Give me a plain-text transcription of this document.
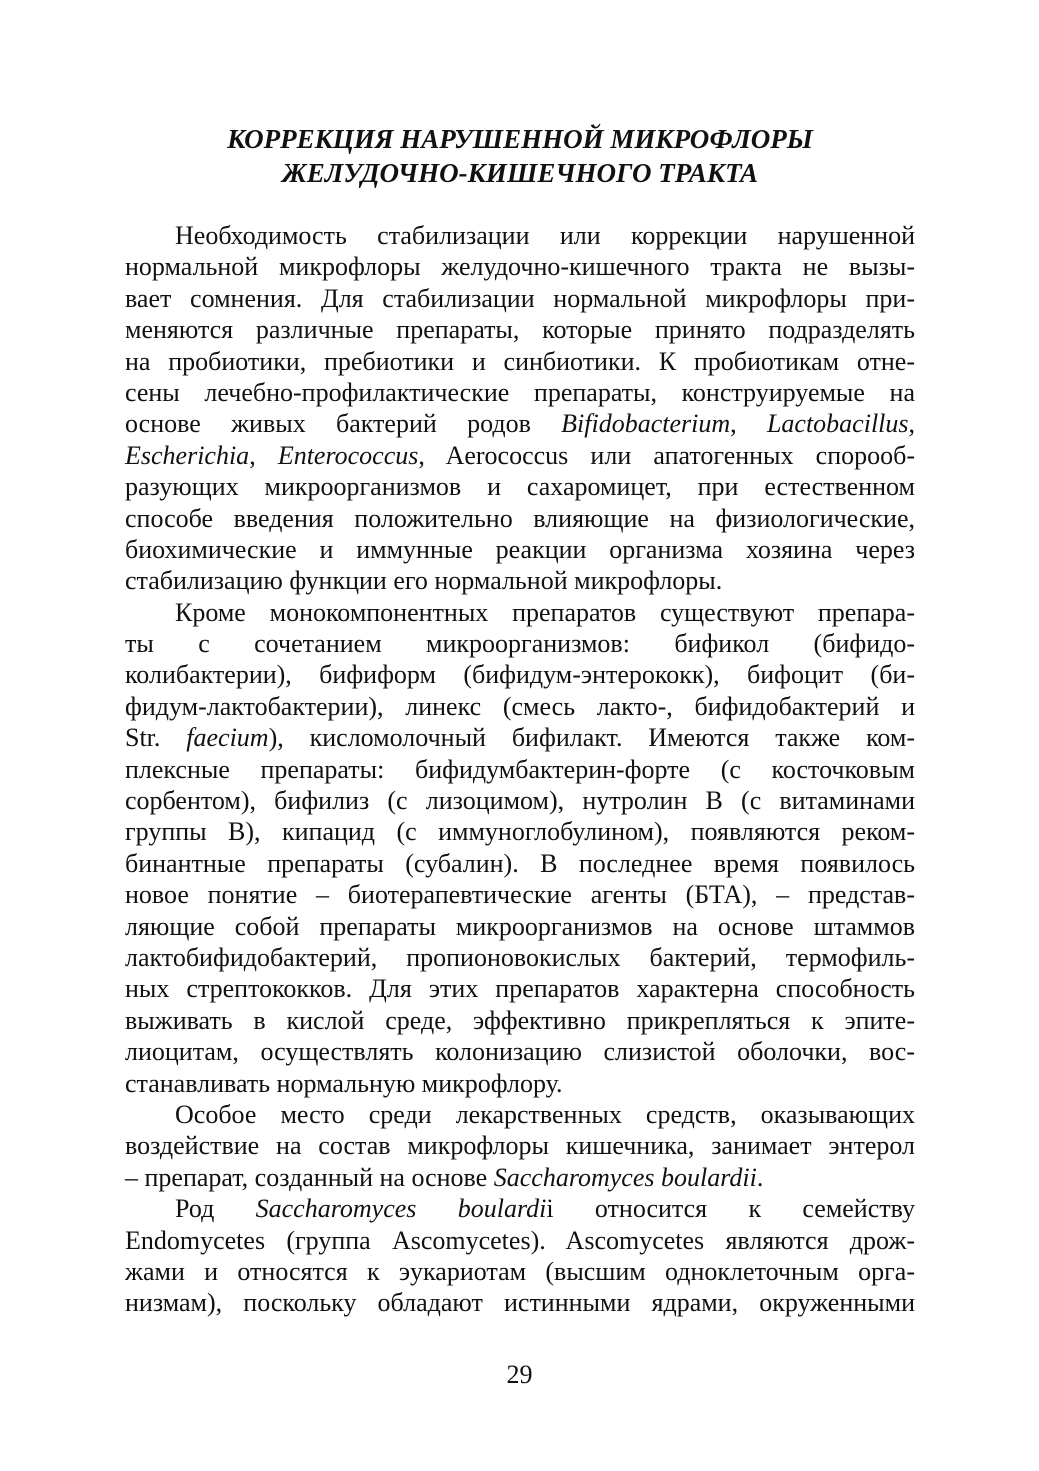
КОРРЕКЦИЯ НАРУШЕННОЙ МИКРОФЛОРЫ
ЖЕЛУДОЧНО-КИШЕЧНОГО ТРАКТА
Необходимость стабилизации или коррекции нарушенной
нормальной микрофлоры желудочно-кишечного тракта не вызы-
вает сомнения. Для стабилизации нормальной микрофлоры при-
меняются различные препараты, которые принято подразделять
на пробиотики, пребиотики и синбиотики. К пробиотикам отне-
сены лечебно-профилактические препараты, конструируемые на
основе живых бактерий родов Bifidobacterium, Lactobacillus,
Escherichia, Enterococcus, Aerococcus или апатогенных спорооб-
разующих микроорганизмов и сахаромицет, при естественном
способе введения положительно влияющие на физиологические,
биохимические и иммунные реакции организма хозяина через
стабилизацию функции его нормальной микрофлоры.
Кроме монокомпонентных препаратов существуют препара-
ты с сочетанием микроорганизмов: бификол (бифидо-
колибактерии), бифиформ (бифидум-энтерококк), бифоцит (би-
фидум-лактобактерии), линекс (смесь лакто-, бифидобактерий и
Str. faecium), кисломолочный бифилакт. Имеются также ком-
плексные препараты: бифидумбактерин-форте (с косточковым
сорбентом), бифилиз (с лизоцимом), нутролин В (с витаминами
группы В), кипацид (с иммуноглобулином), появляются реком-
бинантные препараты (субалин). В последнее время появилось
новое понятие – биотерапевтические агенты (БТА), – представ-
ляющие собой препараты микроорганизмов на основе штаммов
лактобифидобактерий, пропионовокислых бактерий, термофиль-
ных стрептококков. Для этих препаратов характерна способность
выживать в кислой среде, эффективно прикрепляться к эпите-
лиоцитам, осуществлять колонизацию слизистой оболочки, вос-
станавливать нормальную микрофлору.
Особое место среди лекарственных средств, оказывающих
воздействие на состав микрофлоры кишечника, занимает энтерол
– препарат, созданный на основе Saccharomyces boulardii.
Род Saccharomyces boulardii относится к семейству
Endomycetes (группа Ascomycetes). Ascomycetes являются дрож-
жами и относятся к эукариотам (высшим одноклеточным орга-
низмам), поскольку обладают истинными ядрами, окруженными
29
